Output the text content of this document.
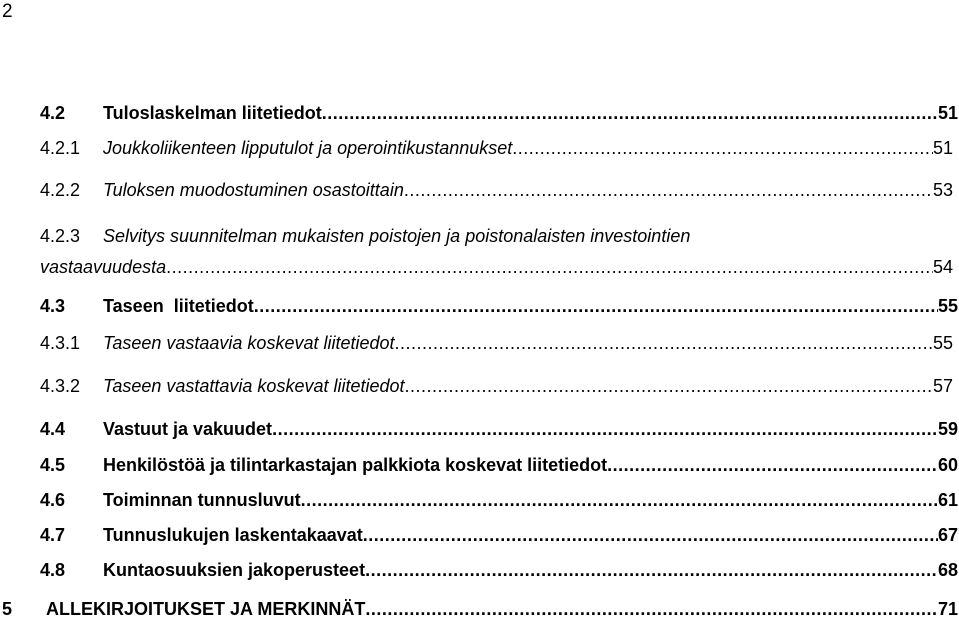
2
4.2	Tuloslaskelman liitetiedot .....	51
4.2.1	Joukkoliikenteen lipputulot ja operointikustannukset .....	51
4.2.2	Tuloksen muodostuminen osastoittain .....	53
4.2.3 Selvitys suunnitelman mukaisten poistojen ja poistonalaisten investointien
vastaavuudesta .....	54
4.3	Taseen  liitetiedot .....	55
4.3.1	Taseen vastaavia koskevat liitetiedot .....	55
4.3.2	Taseen vastattavia koskevat liitetiedot .....	57
4.4	Vastuut ja vakuudet .....	59
4.5	Henkilöstöä ja tilintarkastajan palkkiota koskevat liitetiedot .....	60
4.6	Toiminnan tunnusluvut .....	61
4.7	Tunnuslukujen laskentakaavat .....	67
4.8	Kuntaosuuksien jakoperusteet .....	68
5	ALLEKIRJOITUKSET JA MERKINNÄT .....	71
